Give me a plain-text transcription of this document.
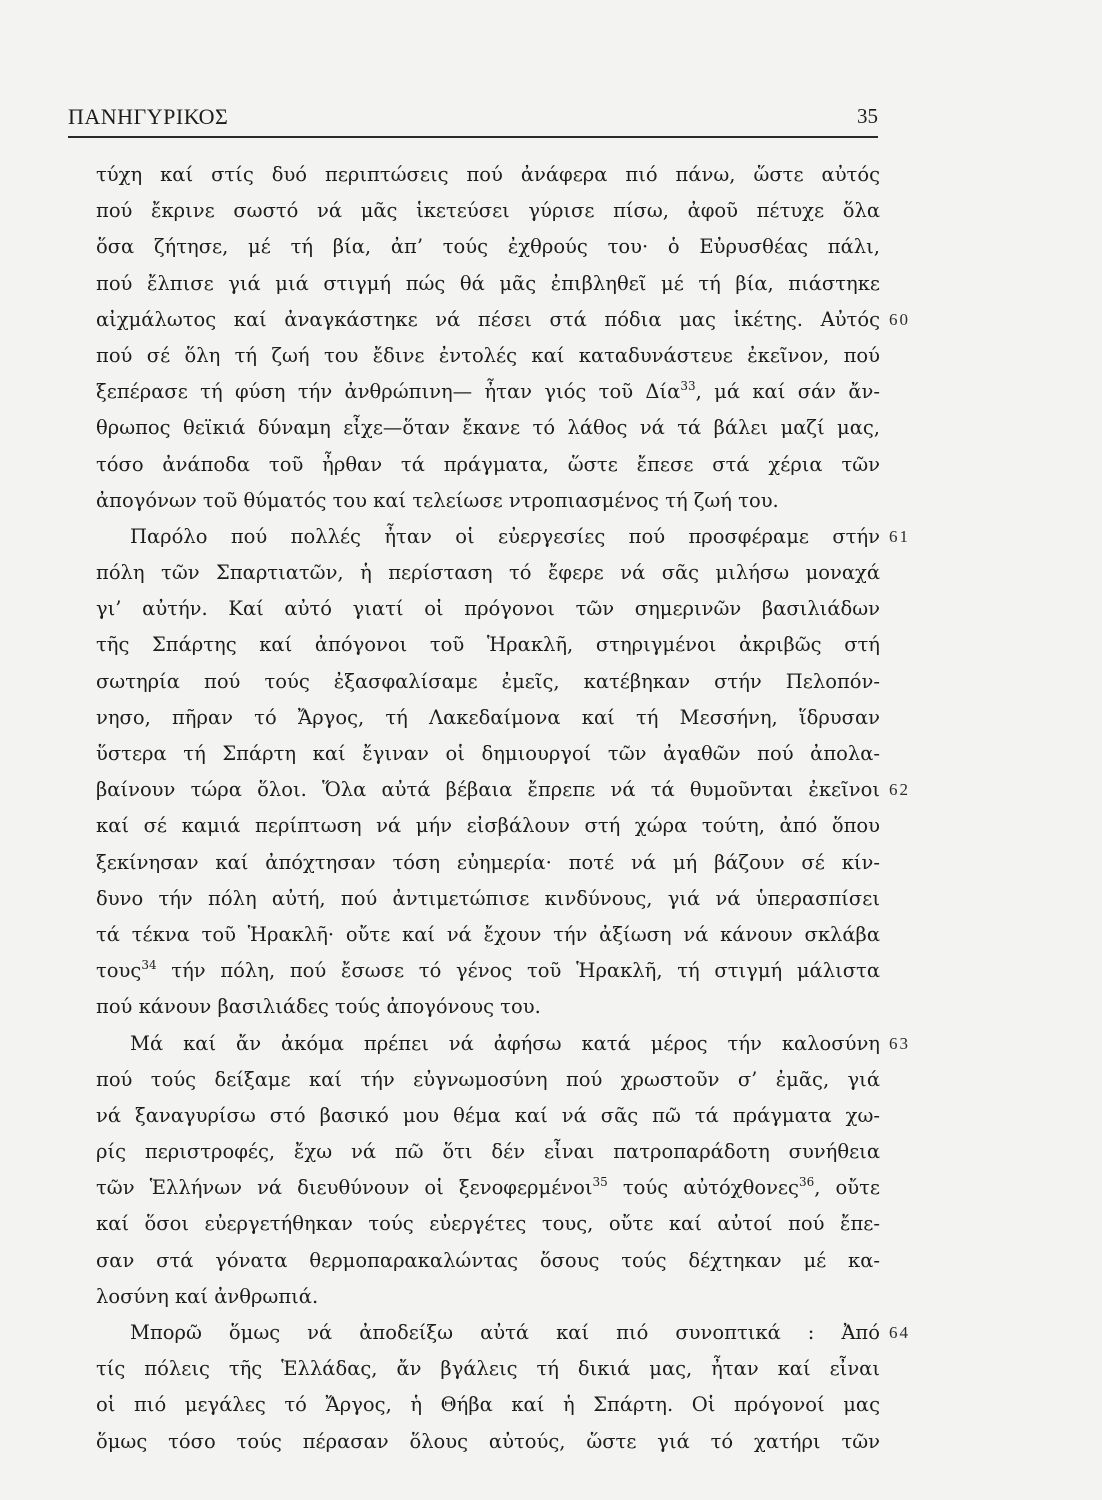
ΠΑΝΗΓΥΡΙΚΟΣ	35
τύχη καί στίς δυό περιπτώσεις πού ἀνάφερα πιό πάνω, ὥστε αὐτός
πού ἔκρινε σωστό νά μᾶς ἱκετεύσει γύρισε πίσω, ἀφοῦ πέτυχε ὅλα
ὅσα ζήτησε, μέ τή βία, ἀπ’ τούς ἐχθρούς του· ὁ Εὐρυσθέας πάλι,
πού ἔλπισε γιά μιά στιγμή πώς θά μᾶς ἐπιβληθεῖ μέ τή βία, πιάστηκε
αἰχμάλωτος καί ἀναγκάστηκε νά πέσει στά πόδια μας ἱκέτης. Αὐτός 60
πού σέ ὅλη τή ζωή του ἔδινε ἐντολές καί καταδυνάστευε ἐκεῖνον, πού
ξεπέρασε τή φύση τήν ἀνθρώπινη— ἦταν γιός τοῦ Δία$^{33}$, μά καί σάν ἄν-
θρωπος θεϊκιά δύναμη εἶχε—ὅταν ἔκανε τό λάθος νά τά βάλει μαζί μας,
τόσο ἀνάποδα τοῦ ἦρθαν τά πράγματα, ὥστε ἔπεσε στά χέρια τῶν
ἀπογόνων τοῦ θύματός του καί τελείωσε ντροπιασμένος τή ζωή του.
Παρόλο πού πολλές ἦταν οἱ εὐεργεσίες πού προσφέραμε στήν 61
πόλη τῶν Σπαρτιατῶν, ἡ περίσταση τό ἔφερε νά σᾶς μιλήσω μοναχά
γι’ αὐτήν. Καί αὐτό γιατί οἱ πρόγονοι τῶν σημερινῶν βασιλιάδων
τῆς Σπάρτης καί ἀπόγονοι τοῦ Ἡρακλῆ, στηριγμένοι ἀκριβῶς στή
σωτηρία πού τούς ἐξασφαλίσαμε ἐμεῖς, κατέβηκαν στήν Πελοπόν-
νησο, πῆραν τό Ἄργος, τή Λακεδαίμονα καί τή Μεσσήνη, ἵδρυσαν
ὕστερα τή Σπάρτη καί ἔγιναν οἱ δημιουργοί τῶν ἀγαθῶν πού ἀπολα-
βαίνουν τώρα ὅλοι. Ὅλα αὐτά βέβαια ἔπρεπε νά τά θυμοῦνται ἐκεῖνοι 62
καί σέ καμιά περίπτωση νά μήν εἰσβάλουν στή χώρα τούτη, ἀπό ὅπου
ξεκίνησαν καί ἀπόχτησαν τόση εὐημερία· ποτέ νά μή βάζουν σέ κίν-
δυνο τήν πόλη αὐτή, πού ἀντιμετώπισε κινδύνους, γιά νά ὑπερασπίσει
τά τέκνα τοῦ Ἡρακλῆ· οὔτε καί νά ἔχουν τήν ἀξίωση νά κάνουν σκλάβα
τους$^{34}$ τήν πόλη, πού ἔσωσε τό γένος τοῦ Ἡρακλῆ, τή στιγμή μάλιστα
πού κάνουν βασιλιάδες τούς ἀπογόνους του.
Μά καί ἄν ἀκόμα πρέπει νά ἀφήσω κατά μέρος τήν καλοσύνη 63
πού τούς δείξαμε καί τήν εὐγνωμοσύνη πού χρωστοῦν σ’ ἐμᾶς, γιά
νά ξαναγυρίσω στό βασικό μου θέμα καί νά σᾶς πῶ τά πράγματα χω-
ρίς περιστροφές, ἔχω νά πῶ ὅτι δέν εἶναι πατροπαράδοτη συνήθεια
τῶν Ἑλλήνων νά διευθύνουν οἱ ξενοφερμένοι$^{35}$ τούς αὐτόχθονες$^{36}$, οὔτε
καί ὅσοι εὐεργετήθηκαν τούς εὐεργέτες τους, οὔτε καί αὐτοί πού ἔπε-
σαν στά γόνατα θερμοπαρακαλώντας ὅσους τούς δέχτηκαν μέ κα-
λοσύνη καί ἀνθρωπιά.
Μπορῶ ὅμως νά ἀποδείξω αὐτά καί πιό συνοπτικά : Ἀπό 64
τίς πόλεις τῆς Ἑλλάδας, ἄν βγάλεις τή δικιά μας, ἦταν καί εἶναι
οἱ πιό μεγάλες τό Ἄργος, ἡ Θήβα καί ἡ Σπάρτη. Οἱ πρόγονοί μας
ὅμως τόσο τούς πέρασαν ὅλους αὐτούς, ὥστε γιά τό χατήρι τῶν
